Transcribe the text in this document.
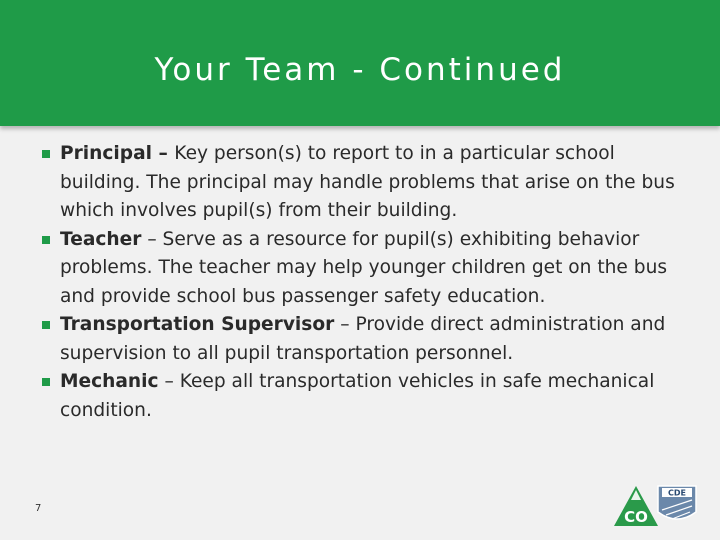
Your Team - Continued
Principal – Key person(s) to report to in a particular school building. The principal may handle problems that arise on the bus which involves pupil(s) from their building.
Teacher – Serve as a resource for pupil(s) exhibiting behavior problems. The teacher may help younger children get on the bus and provide school bus passenger safety education.
Transportation Supervisor – Provide direct administration and supervision to all pupil transportation personnel.
Mechanic – Keep all transportation vehicles in safe mechanical condition.
7	CO
CDE
